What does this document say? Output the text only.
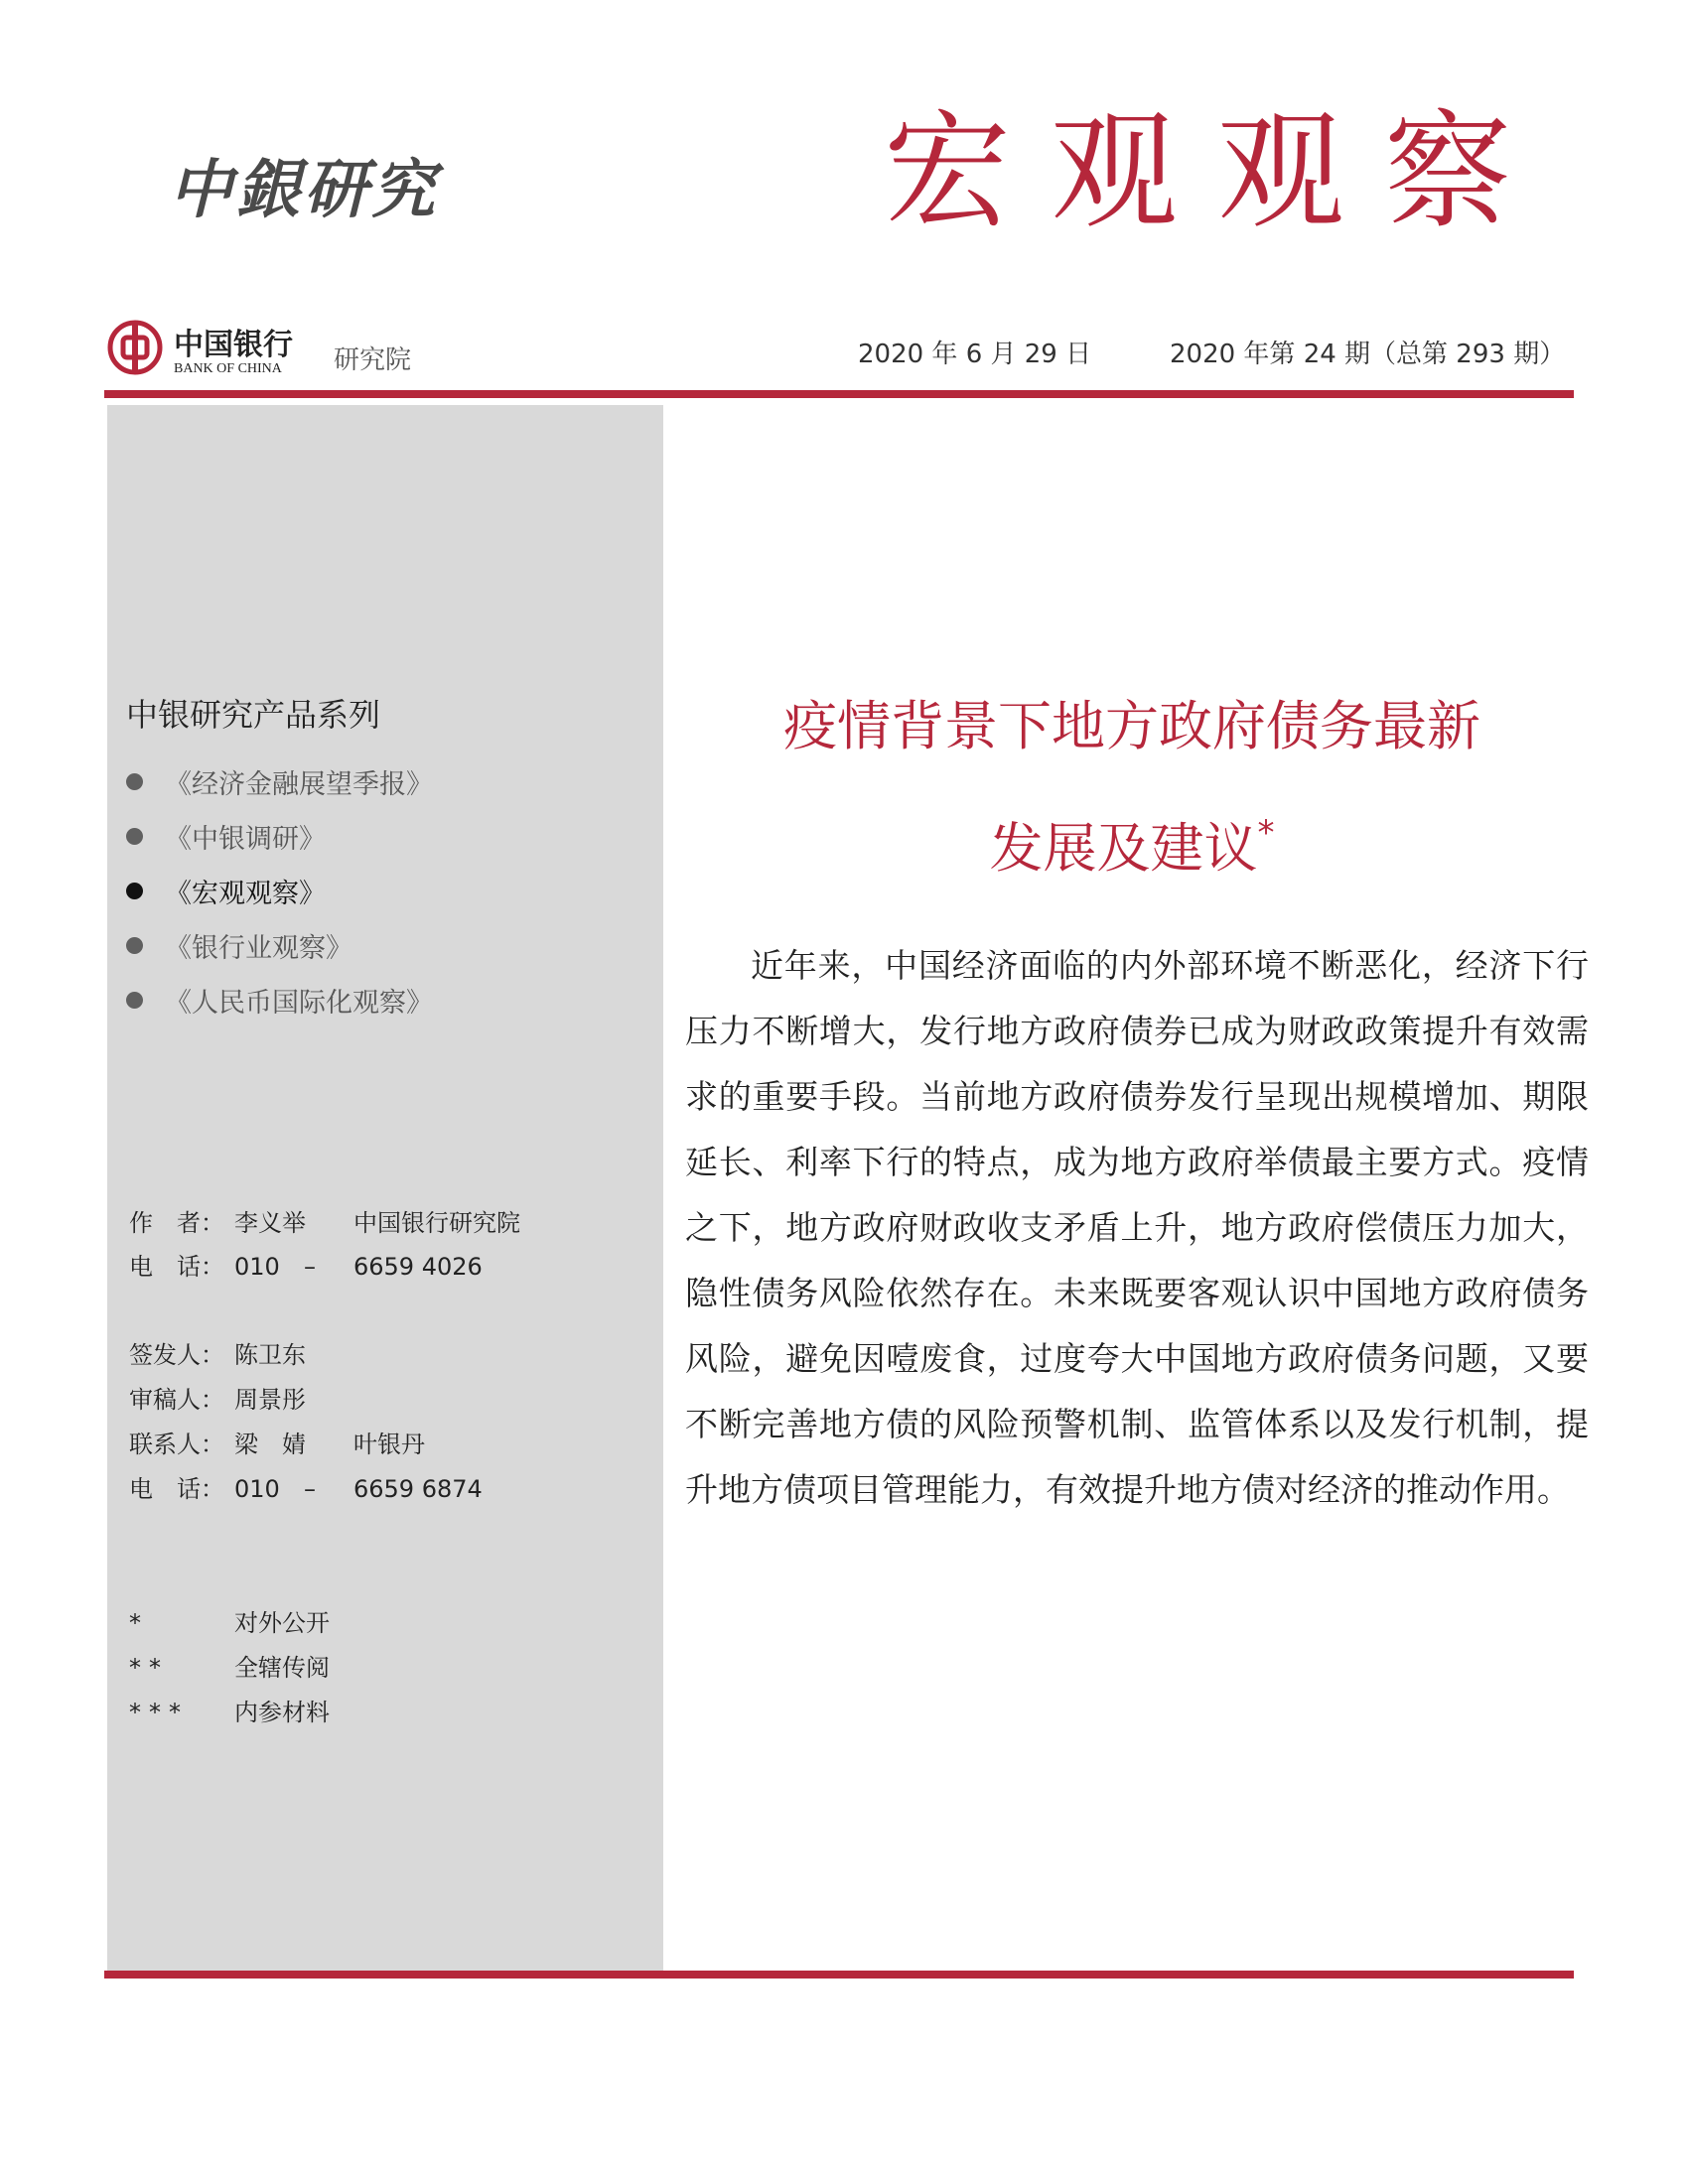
中銀研究	宏观观察
中国银行
BANK OF CHINA 研究院	2020 年 6 月 29 日	2020 年第 24 期（总第 293 期）
中银研究产品系列
《经济金融展望季报》
《中银调研》
《宏观观察》
《银行业观察》
《人民币国际化观察》
作　者： 李义举 中国银行研究院
电　话： 010 – 6659 4026
签发人： 陈卫东
审稿人： 周景彤
联系人： 梁　婧 叶银丹
电　话： 010 – 6659 6874
*	对外公开
**	全辖传阅
*** 内参材料
疫情背景下地方政府债务最新
发展及建议*

近年来，中国经济面临的内外部环境不断恶化，经济下行压力不断增大，发行地方政府债券已成为财政政策提升有效需求的重要手段。当前地方政府债券发行呈现出规模增加、期限延长、利率下行的特点，成为地方政府举债最主要方式。疫情之下，地方政府财政收支矛盾上升，地方政府偿债压力加大，隐性债务风险依然存在。未来既要客观认识中国地方政府债务风险，避免因噎废食，过度夸大中国地方政府债务问题，又要不断完善地方债的风险预警机制、监管体系以及发行机制，提升地方债项目管理能力，有效提升地方债对经济的推动作用。
